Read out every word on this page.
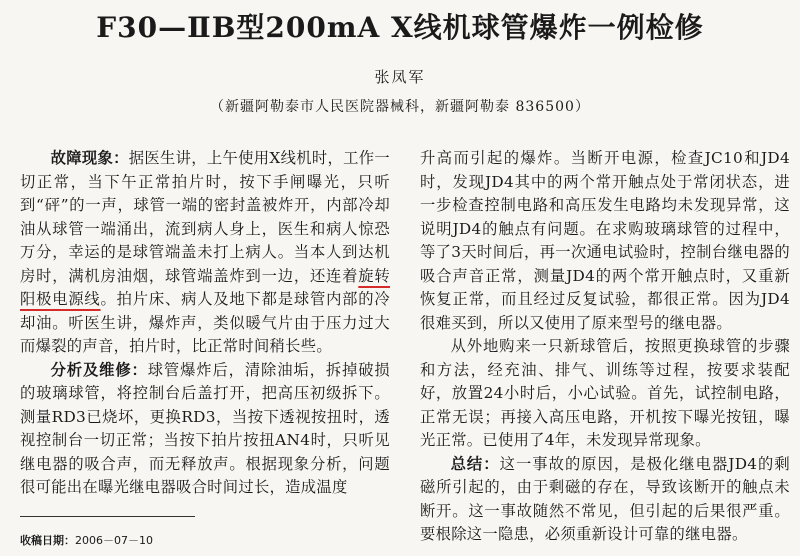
F30—ⅡB型200mA X线机球管爆炸一例检修
张凤军
（新疆阿勒泰市人民医院器械科，新疆阿勒泰 836500）

故障现象：据医生讲，上午使用X线机时，工作一切正常，当下午正常拍片时，按下手闸曝光，只听到“砰”的一声，球管一端的密封盖被炸开，内部冷却油从球管一端涌出，流到病人身上，医生和病人惊恐万分，幸运的是球管端盖未打上病人。当本人到达机房时，满机房油烟，球管端盖炸到一边，还连着旋转阳极电源线。拍片床、病人及地下都是球管内部的冷却油。听医生讲，爆炸声，类似暖气片由于压力过大而爆裂的声音，拍片时，比正常时间稍长些。

分析及维修：球管爆炸后，清除油垢，拆掉破损的玻璃球管，将控制台后盖打开，把高压初级拆下。测量RD3已烧坏，更换RD3，当按下透视按扭时，透视控制台一切正常；当按下拍片按扭AN4时，只听见继电器的吸合声，而无释放声。根据现象分析，问题很可能出在曝光继电器吸合时间过长，造成温度

升高而引起的爆炸。当断开电源，检查JC10和JD4时，发现JD4其中的两个常开触点处于常闭状态，进一步检查控制电路和高压发生电路均未发现异常，这说明JD4的触点有问题。在求购玻璃球管的过程中，等了3天时间后，再一次通电试验时，控制台继电器的吸合声音正常，测量JD4的两个常开触点时，又重新恢复正常，而且经过反复试验，都很正常。因为JD4很难买到，所以又使用了原来型号的继电器。

从外地购来一只新球管后，按照更换球管的步骤和方法，经充油、排气、训练等过程，按要求装配好，放置24小时后，小心试验。首先，试控制电路，正常无误；再接入高压电路，开机按下曝光按钮，曝光正常。已使用了4年，未发现异常现象。

总结：这一事故的原因，是极化继电器JD4的剩磁所引起的，由于剩磁的存在，导致该断开的触点未断开。这一事故随然不常见，但引起的后果很严重。要根除这一隐患，必须重新设计可靠的继电器。

收稿日期：2006－07－10
